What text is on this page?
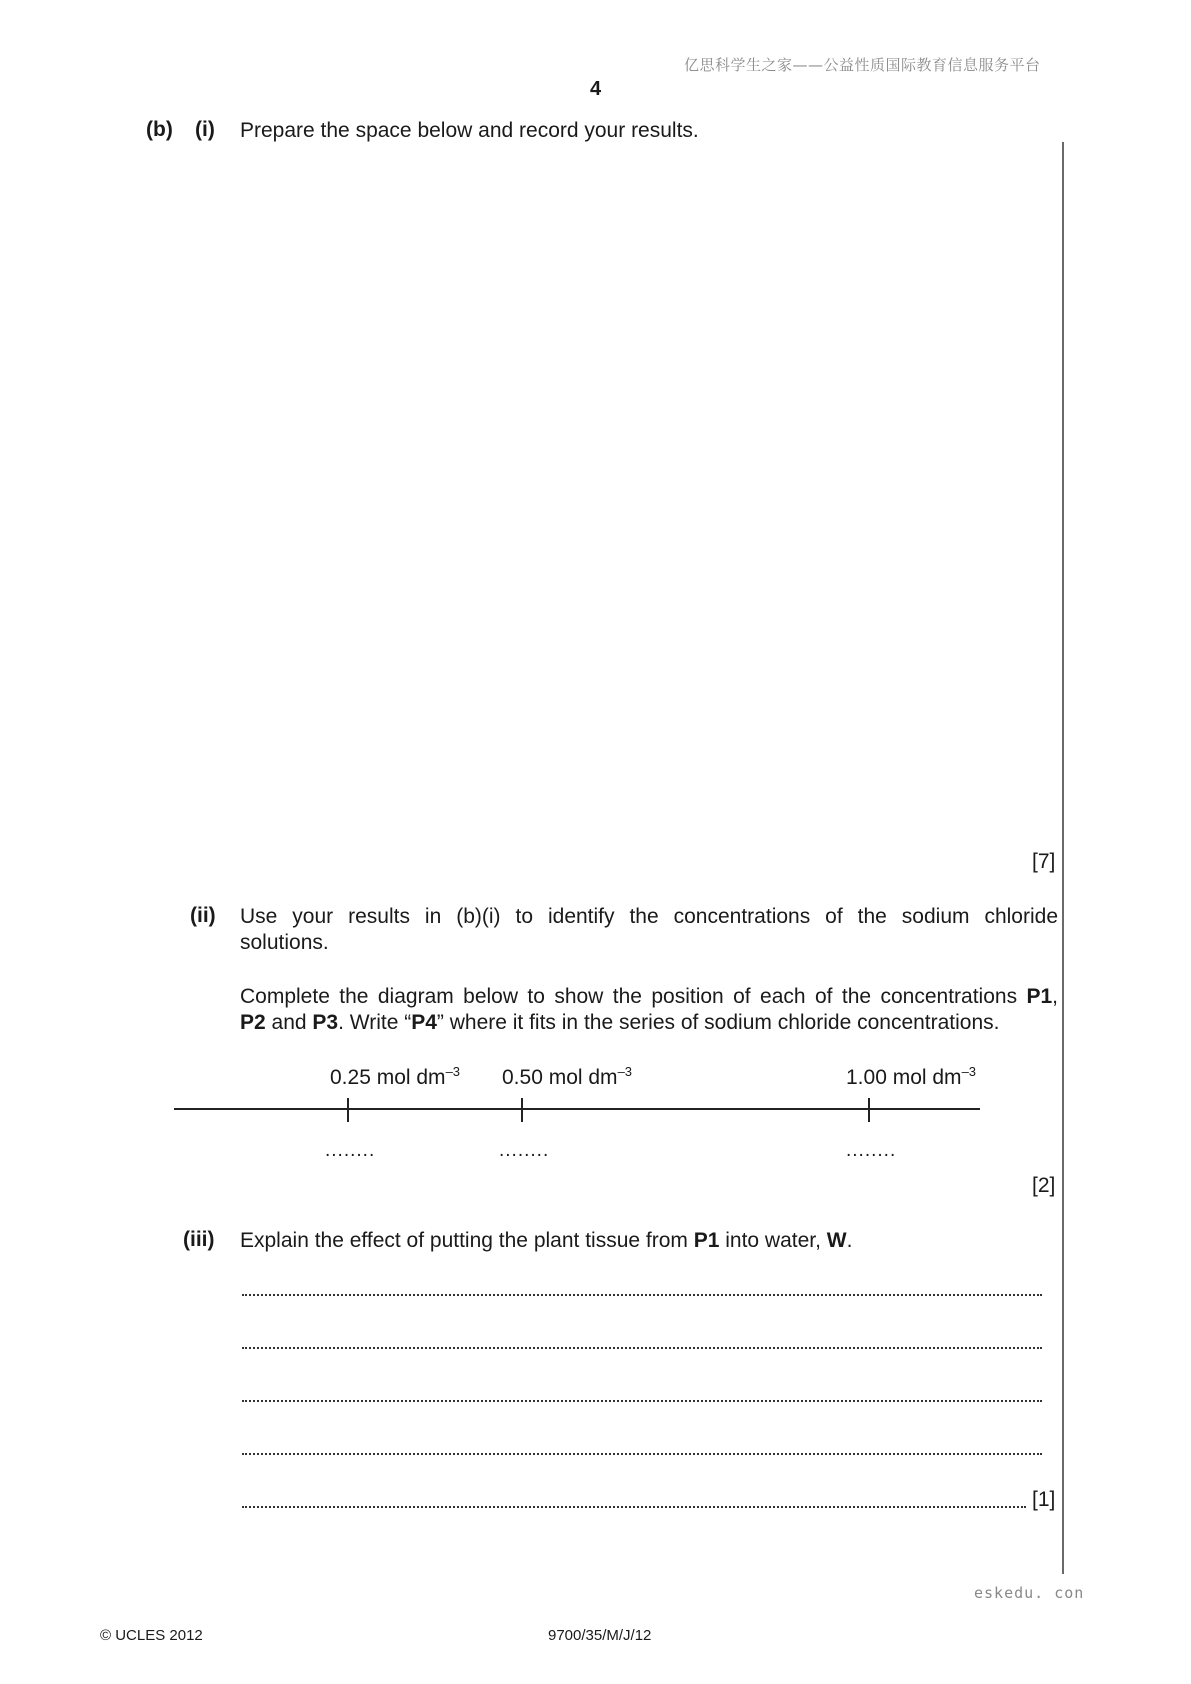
亿思科学生之家——公益性质国际教育信息服务平台
4
(b) (i) Prepare the space below and record your results.
[7]
(ii) Use your results in (b)(i) to identify the concentrations of the sodium chloride
solutions.
Complete the diagram below to show the position of each of the concentrations P1,
P2 and P3. Write “P4” where it fits in the series of sodium chloride concentrations.
0.25 mol $dm^{-3}$ 0.50 mol $dm^{-3}$	1.00 mol $dm^{-3}$
........	........	........
[2]
(iii) Explain the effect of putting the plant tissue from P1 into water, W.
[1]
eskedu. con
© UCLES 2012	9700/35/M/J/12
